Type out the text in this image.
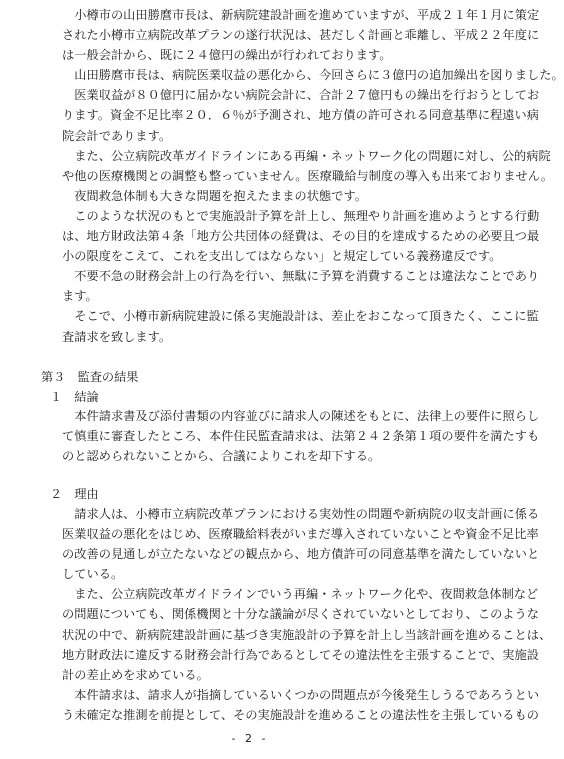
　小樽市の山田勝麿市長は、新病院建設計画を進めていますが、平成２１年１月に策定
された小樽市立病院改革プランの遂行状況は、甚だしく計画と乖離し、平成２２年度に
は一般会計から、既に２４億円の繰出が行われております。
　山田勝麿市長は、病院医業収益の悪化から、今回さらに３億円の追加繰出を図りました。
　医業収益が８０億円に届かない病院会計に、合計２７億円もの繰出を行おうとしてお
ります。資金不足比率２０．６％が予測され、地方債の許可される同意基準に程遠い病
院会計であります。
　また、公立病院改革ガイドラインにある再編・ネットワーク化の問題に対し、公的病院
や他の医療機関との調整も整っていません。医療職給与制度の導入も出来ておりません。
　夜間救急体制も大きな問題を抱えたままの状態です。
　このような状況のもとで実施設計予算を計上し、無理やり計画を進めようとする行動
は、地方財政法第４条「地方公共団体の経費は、その目的を達成するための必要且つ最
小の限度をこえて、これを支出してはならない」と規定している義務違反です。
　不要不急の財務会計上の行為を行い、無駄に予算を消費することは違法なことであり
ます。
　そこで、小樽市新病院建設に係る実施設計は、差止をおこなって頂きたく、ここに監
査請求を致します。
第３　監査の結果
１　結論
　本件請求書及び添付書類の内容並びに請求人の陳述をもとに、法律上の要件に照らし
て慎重に審査したところ、本件住民監査請求は、法第２４２条第１項の要件を満たすも
のと認められないことから、合議によりこれを却下する。
２　理由
　請求人は、小樽市立病院改革プランにおける実効性の問題や新病院の収支計画に係る
医業収益の悪化をはじめ、医療職給料表がいまだ導入されていないことや資金不足比率
の改善の見通しが立たないなどの観点から、地方債許可の同意基準を満たしていないと
している。
　また、公立病院改革ガイドラインでいう再編・ネットワーク化や、夜間救急体制など
の問題についても、関係機関と十分な議論が尽くされていないとしており、このような
状況の中で、新病院建設計画に基づき実施設計の予算を計上し当該計画を進めることは、
地方財政法に違反する財務会計行為であるとしてその違法性を主張することで、実施設
計の差止めを求めている。
　本件請求は、請求人が指摘しているいくつかの問題点が今後発生しうるであろうとい
う未確定な推測を前提として、その実施設計を進めることの違法性を主張しているもの
- 2 -
